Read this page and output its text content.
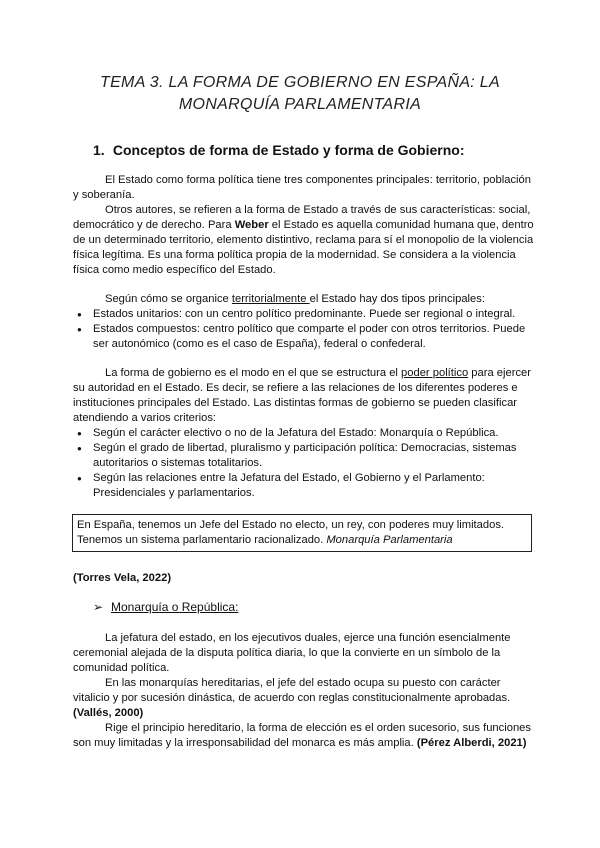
TEMA 3. LA FORMA DE GOBIERNO EN ESPAÑA: LA
MONARQUÍA PARLAMENTARIA
1. Conceptos de forma de Estado y forma de Gobierno:

El Estado como forma política tiene tres componentes principales: territorio, población y soberanía.

Otros autores, se refieren a la forma de Estado a través de sus características: social, democrático y de derecho. Para Weber el Estado es aquella comunidad humana que, dentro de un determinado territorio, elemento distintivo, reclama para sí el monopolio de la violencia física legítima. Es una forma política propia de la modernidad. Se considera a la violencia física como medio específico del Estado.

Según cómo se organice territorialmente el Estado hay dos tipos principales:

● Estados unitarios: con un centro político predominante. Puede ser regional o integral.
● Estados compuestos: centro político que comparte el poder con otros territorios. Puede ser autonómico (como es el caso de España), federal o confederal.

La forma de gobierno es el modo en el que se estructura el poder político para ejercer su autoridad en el Estado. Es decir, se refiere a las relaciones de los diferentes poderes e instituciones principales del Estado. Las distintas formas de gobierno se pueden clasificar atendiendo a varios criterios:

● Según el carácter electivo o no de la Jefatura del Estado: Monarquía o República.
● Según el grado de libertad, pluralismo y participación política: Democracias, sistemas autoritarios o sistemas totalitarios.
● Según las relaciones entre la Jefatura del Estado, el Gobierno y el Parlamento: Presidenciales y parlamentarios.
En España, tenemos un Jefe del Estado no electo, un rey, con poderes muy limitados. Tenemos un sistema parlamentario racionalizado. Monarquía Parlamentaria
(Torres Vela, 2022)
➢ Monarquía o República:

La jefatura del estado, en los ejecutivos duales, ejerce una función esencialmente ceremonial alejada de la disputa política diaria, lo que la convierte en un símbolo de la comunidad política.

En las monarquías hereditarias, el jefe del estado ocupa su puesto con carácter vitalicio y por sucesión dinástica, de acuerdo con reglas constitucionalmente aprobadas. (Vallés, 2000)

Rige el principio hereditario, la forma de elección es el orden sucesorio, sus funciones son muy limitadas y la irresponsabilidad del monarca es más amplia. (Pérez Alberdi, 2021)
